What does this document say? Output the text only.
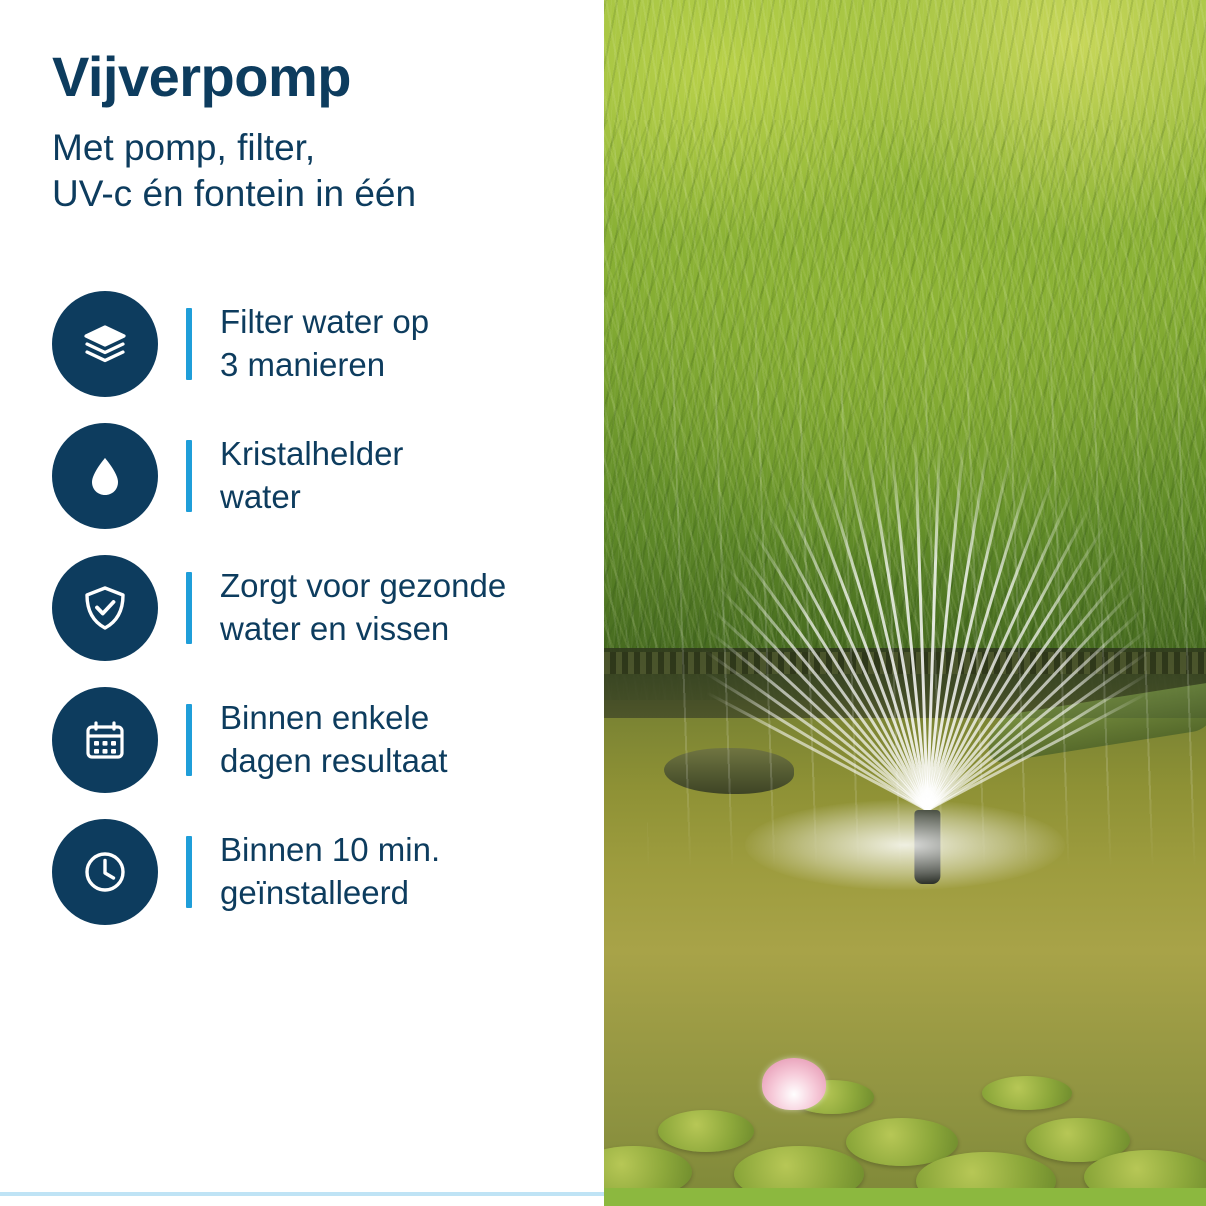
Vijverpomp
Met pomp, filter,
UV-c én fontein in één
Filter water op
3 manieren
Kristalhelder
water
Zorgt voor gezonde
water en vissen
Binnen enkele
dagen resultaat
Binnen 10 min.
geïnstalleerd
